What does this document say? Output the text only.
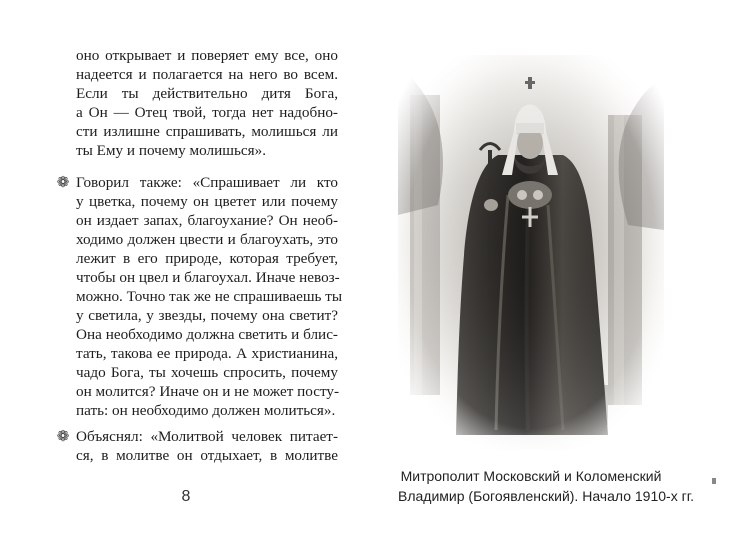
оно открывает и поверяет ему все, оно
надеется и полагается на него во всем.
Если ты действительно дитя Бога,
а Он — Отец твой, тогда нет надобно-
сти излишне спрашивать, молишься ли
ты Ему и почему молишься».
❁ Говорил также: «Спрашивает ли кто
у цветка, почему он цветет или почему
он издает запах, благоухание? Он необ-
ходимо должен цвести и благоухать, это
лежит в его природе, которая требует,
чтобы он цвел и благоухал. Иначе невоз-
можно. Точно так же не спрашиваешь ты
у светила, у звезды, почему она светит?
Она необходимо должна светить и блис-
тать, такова ее природа. А христианина,
чадо Бога, ты хочешь спросить, почему
он молится? Иначе он и не может посту-
пать: он необходимо должен молиться».
❁ Объяснял: «Молитвой человек питает-
ся, в молитве он отдыхает, в молитве
8
Митрополит Московский и Коломенский
Владимир (Богоявленский). Начало 1910-х гг.
